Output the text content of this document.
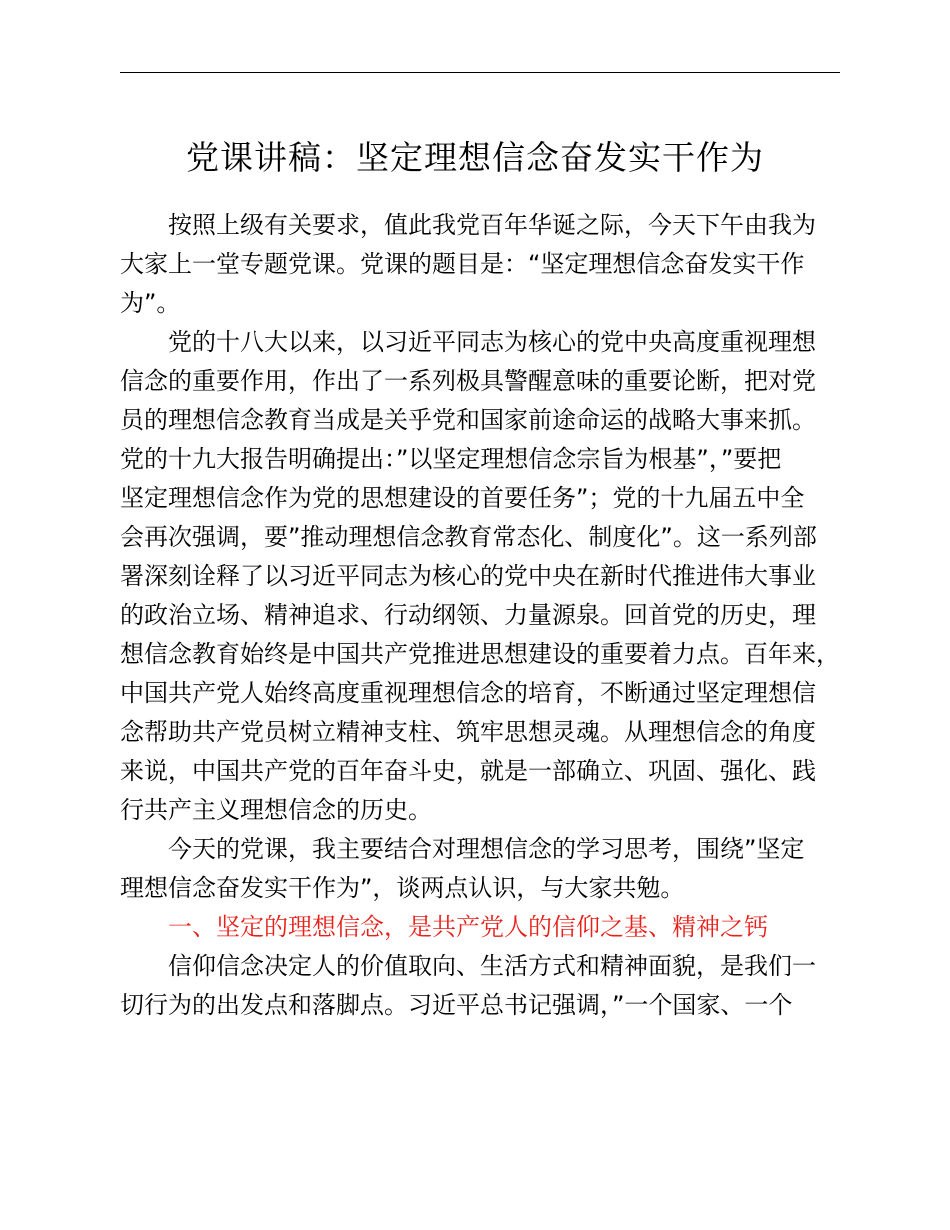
党课讲稿：坚定理想信念奋发实干作为
按照上级有关要求，值此我党百年华诞之际，今天下午由我为
大家上一堂专题党课。党课的题目是：“坚定理想信念奋发实干作
为”。
党的十八大以来，以习近平同志为核心的党中央高度重视理想
信念的重要作用，作出了一系列极具警醒意味的重要论断，把对党
员的理想信念教育当成是关乎党和国家前途命运的战略大事来抓。
党的十九大报告明确提出：”以坚定理想信念宗旨为根基”，”要把
坚定理想信念作为党的思想建设的首要任务”；党的十九届五中全
会再次强调，要”推动理想信念教育常态化、制度化”。这一系列部
署深刻诠释了以习近平同志为核心的党中央在新时代推进伟大事业
的政治立场、精神追求、行动纲领、力量源泉。回首党的历史，理
想信念教育始终是中国共产党推进思想建设的重要着力点。百年来，
中国共产党人始终高度重视理想信念的培育，不断通过坚定理想信
念帮助共产党员树立精神支柱、筑牢思想灵魂。从理想信念的角度
来说，中国共产党的百年奋斗史，就是一部确立、巩固、强化、践
行共产主义理想信念的历史。
今天的党课，我主要结合对理想信念的学习思考，围绕”坚定
理想信念奋发实干作为”，谈两点认识，与大家共勉。
一、坚定的理想信念，是共产党人的信仰之基、精神之钙
信仰信念决定人的价值取向、生活方式和精神面貌，是我们一
切行为的出发点和落脚点。习近平总书记强调，”一个国家、一个
